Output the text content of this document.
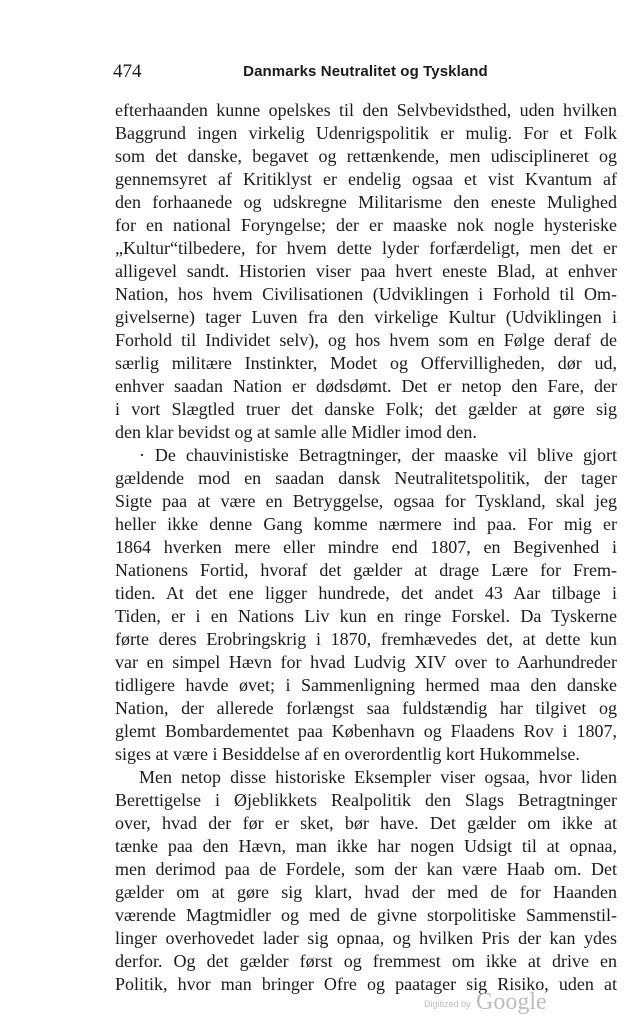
474	Danmarks Neutralitet og Tyskland
efterhaanden kunne opelskes til den Selvbevidsthed, uden hvilken
Baggrund ingen virkelig Udenrigspolitik er mulig. For et Folk
som det danske, begavet og rettænkende, men udisciplineret og
gennemsyret af Kritiklyst er endelig ogsaa et vist Kvantum af
den forhaanede og udskregne Militarisme den eneste Mulighed
for en national Foryngelse; der er maaske nok nogle hysteriske
„Kultur“tilbedere, for hvem dette lyder forfærdeligt, men det er
alligevel sandt. Historien viser paa hvert eneste Blad, at enhver
Nation, hos hvem Civilisationen (Udviklingen i Forhold til Om-
givelserne) tager Luven fra den virkelige Kultur (Udviklingen i
Forhold til Individet selv), og hos hvem som en Følge deraf de
særlig militære Instinkter, Modet og Offervilligheden, dør ud,
enhver saadan Nation er dødsdømt. Det er netop den Fare, der
i vort Slægtled truer det danske Folk; det gælder at gøre sig
den klar bevidst og at samle alle Midler imod den.
· De chauvinistiske Betragtninger, der maaske vil blive gjort
gældende mod en saadan dansk Neutralitetspolitik, der tager
Sigte paa at være en Betryggelse, ogsaa for Tyskland, skal jeg
heller ikke denne Gang komme nærmere ind paa. For mig er
1864 hverken mere eller mindre end 1807, en Begivenhed i
Nationens Fortid, hvoraf det gælder at drage Lære for Frem-
tiden. At det ene ligger hundrede, det andet 43 Aar tilbage i
Tiden, er i en Nations Liv kun en ringe Forskel. Da Tyskerne
førte deres Erobringskrig i 1870, fremhævedes det, at dette kun
var en simpel Hævn for hvad Ludvig XIV over to Aarhundreder
tidligere havde øvet; i Sammenligning hermed maa den danske
Nation, der allerede forlængst saa fuldstændig har tilgivet og
glemt Bombardementet paa København og Flaadens Rov i 1807,
siges at være i Besiddelse af en overordentlig kort Hukommelse.
Men netop disse historiske Eksempler viser ogsaa, hvor liden
Berettigelse i Øjeblikkets Realpolitik den Slags Betragtninger
over, hvad der før er sket, bør have. Det gælder om ikke at
tænke paa den Hævn, man ikke har nogen Udsigt til at opnaa,
men derimod paa de Fordele, som der kan være Haab om. Det
gælder om at gøre sig klart, hvad der med de for Haanden
værende Magtmidler og med de givne storpolitiske Sammenstil-
linger overhovedet lader sig opnaa, og hvilken Pris der kan ydes
derfor. Og det gælder først og fremmest om ikke at drive en
Politik, hvor man bringer Ofre og paatager sig Risiko, uden at
Digitized by Google
